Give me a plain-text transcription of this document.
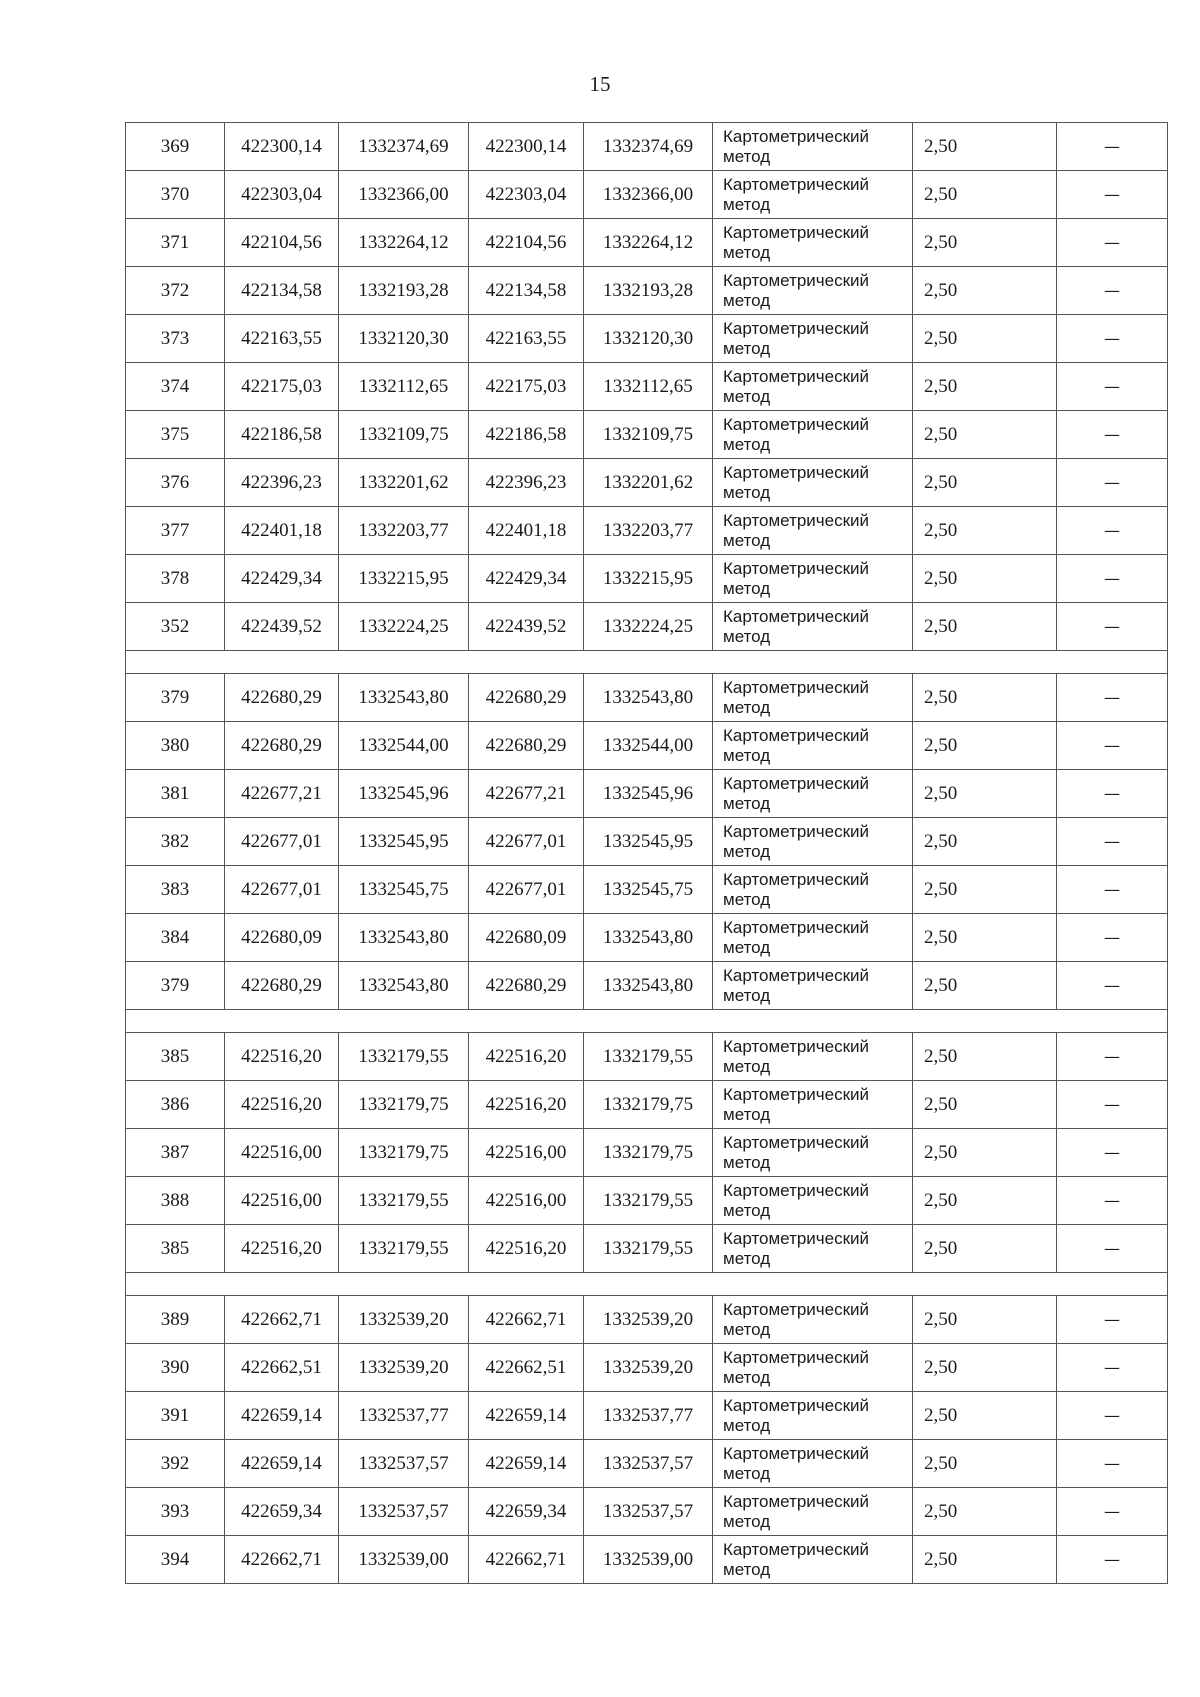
15
369	422300,14	1332374,69	422300,14	1332374,69	Картометрический метод	2,50	—
370	422303,04	1332366,00	422303,04	1332366,00	Картометрический метод	2,50	—
371	422104,56	1332264,12	422104,56	1332264,12	Картометрический метод	2,50	—
372	422134,58	1332193,28	422134,58	1332193,28	Картометрический метод	2,50	—
373	422163,55	1332120,30	422163,55	1332120,30	Картометрический метод	2,50	—
374	422175,03	1332112,65	422175,03	1332112,65	Картометрический метод	2,50	—
375	422186,58	1332109,75	422186,58	1332109,75	Картометрический метод	2,50	—
376	422396,23	1332201,62	422396,23	1332201,62	Картометрический метод	2,50	—
377	422401,18	1332203,77	422401,18	1332203,77	Картометрический метод	2,50	—
378	422429,34	1332215,95	422429,34	1332215,95	Картометрический метод	2,50	—
352	422439,52	1332224,25	422439,52	1332224,25	Картометрический метод	2,50	—

379	422680,29	1332543,80	422680,29	1332543,80	Картометрический метод	2,50	—
380	422680,29	1332544,00	422680,29	1332544,00	Картометрический метод	2,50	—
381	422677,21	1332545,96	422677,21	1332545,96	Картометрический метод	2,50	—
382	422677,01	1332545,95	422677,01	1332545,95	Картометрический метод	2,50	—
383	422677,01	1332545,75	422677,01	1332545,75	Картометрический метод	2,50	—
384	422680,09	1332543,80	422680,09	1332543,80	Картометрический метод	2,50	—
379	422680,29	1332543,80	422680,29	1332543,80	Картометрический метод	2,50	—

385	422516,20	1332179,55	422516,20	1332179,55	Картометрический метод	2,50	—
386	422516,20	1332179,75	422516,20	1332179,75	Картометрический метод	2,50	—
387	422516,00	1332179,75	422516,00	1332179,75	Картометрический метод	2,50	—
388	422516,00	1332179,55	422516,00	1332179,55	Картометрический метод	2,50	—
385	422516,20	1332179,55	422516,20	1332179,55	Картометрический метод	2,50	—

389	422662,71	1332539,20	422662,71	1332539,20	Картометрический метод	2,50	—
390	422662,51	1332539,20	422662,51	1332539,20	Картометрический метод	2,50	—
391	422659,14	1332537,77	422659,14	1332537,77	Картометрический метод	2,50	—
392	422659,14	1332537,57	422659,14	1332537,57	Картометрический метод	2,50	—
393	422659,34	1332537,57	422659,34	1332537,57	Картометрический метод	2,50	—
394	422662,71	1332539,00	422662,71	1332539,00	Картометрический метод	2,50	—
